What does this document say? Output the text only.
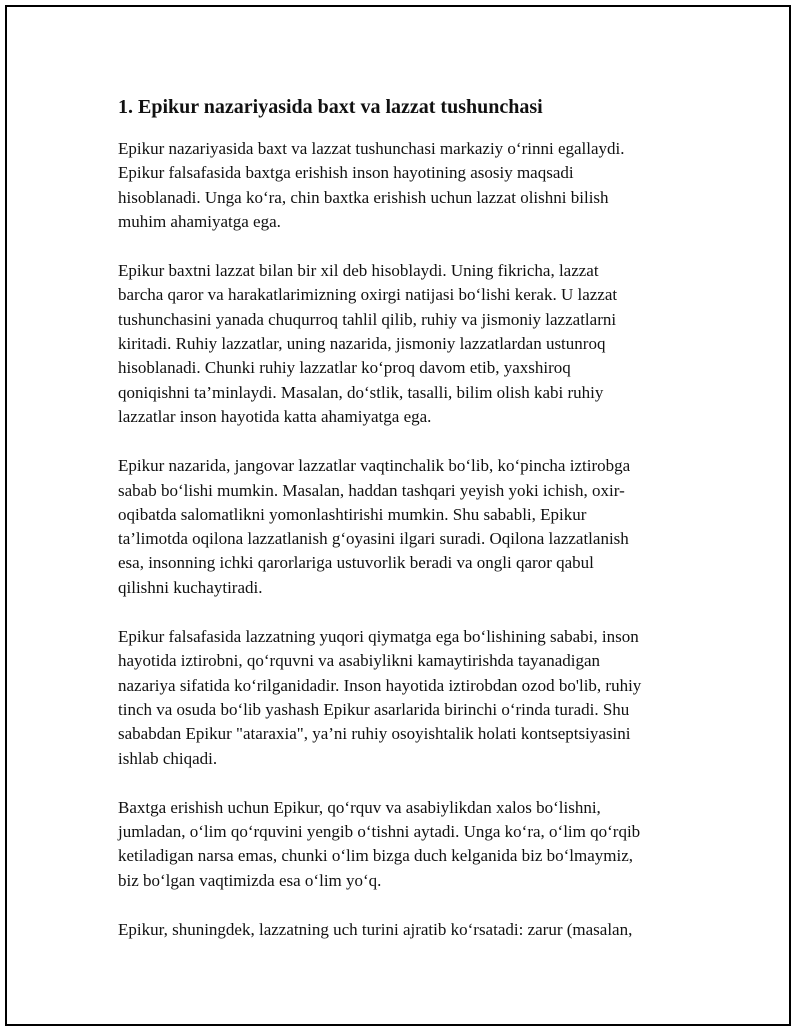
1. Epikur nazariyasida baxt va lazzat tushunchasi

Epikur nazariyasida baxt va lazzat tushunchasi markaziy o‘rinni egallaydi.
Epikur falsafasida baxtga erishish inson hayotining asosiy maqsadi
hisoblanadi. Unga ko‘ra, chin baxtka erishish uchun lazzat olishni bilish
muhim ahamiyatga ega.

Epikur baxtni lazzat bilan bir xil deb hisoblaydi. Uning fikricha, lazzat
barcha qaror va harakatlarimizning oxirgi natijasi bo‘lishi kerak. U lazzat
tushunchasini yanada chuqurroq tahlil qilib, ruhiy va jismoniy lazzatlarni
kiritadi. Ruhiy lazzatlar, uning nazarida, jismoniy lazzatlardan ustunroq
hisoblanadi. Chunki ruhiy lazzatlar ko‘proq davom etib, yaxshiroq
qoniqishni ta’minlaydi. Masalan, do‘stlik, tasalli, bilim olish kabi ruhiy
lazzatlar inson hayotida katta ahamiyatga ega.

Epikur nazarida, jangovar lazzatlar vaqtinchalik bo‘lib, ko‘pincha iztirobga
sabab bo‘lishi mumkin. Masalan, haddan tashqari yeyish yoki ichish, oxir-
oqibatda salomatlikni yomonlashtirishi mumkin. Shu sababli, Epikur
ta’limotda oqilona lazzatlanish g‘oyasini ilgari suradi. Oqilona lazzatlanish
esa, insonning ichki qarorlariga ustuvorlik beradi va ongli qaror qabul
qilishni kuchaytiradi.

Epikur falsafasida lazzatning yuqori qiymatga ega bo‘lishining sababi, inson
hayotida iztirobni, qo‘rquvni va asabiylikni kamaytirishda tayanadigan
nazariya sifatida ko‘rilganidadir. Inson hayotida iztirobdan ozod bo'lib, ruhiy
tinch va osuda bo‘lib yashash Epikur asarlarida birinchi o‘rinda turadi. Shu
sababdan Epikur "ataraxia", ya’ni ruhiy osoyishtalik holati kontseptsiyasini
ishlab chiqadi.

Baxtga erishish uchun Epikur, qo‘rquv va asabiylikdan xalos bo‘lishni,
jumladan, o‘lim qo‘rquvini yengib o‘tishni aytadi. Unga ko‘ra, o‘lim qo‘rqib
ketiladigan narsa emas, chunki o‘lim bizga duch kelganida biz bo‘lmaymiz,
biz bo‘lgan vaqtimizda esa o‘lim yo‘q.

Epikur, shuningdek, lazzatning uch turini ajratib ko‘rsatadi: zarur (masalan,
